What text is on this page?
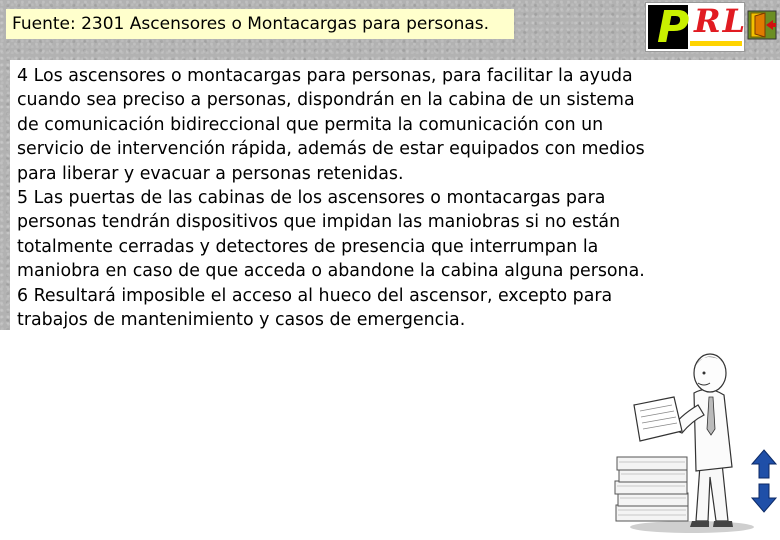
Fuente: 2301 Ascensores o Montacargas para personas.	P RL

4 Los ascensores o montacargas para personas, para facilitar la ayuda

cuando sea preciso a personas, dispondrán en la cabina de un sistema

de comunicación bidireccional que permita la comunicación con un

servicio de intervención rápida, además de estar equipados con medios

para liberar y evacuar a personas retenidas.

5 Las puertas de las cabinas de los ascensores o montacargas para

personas tendrán dispositivos que impidan las maniobras si no están

totalmente cerradas y detectores de presencia que interrumpan la

maniobra en caso de que acceda o abandone la cabina alguna persona.

6 Resultará imposible el acceso al hueco del ascensor, excepto para

trabajos de mantenimiento y casos de emergencia.
